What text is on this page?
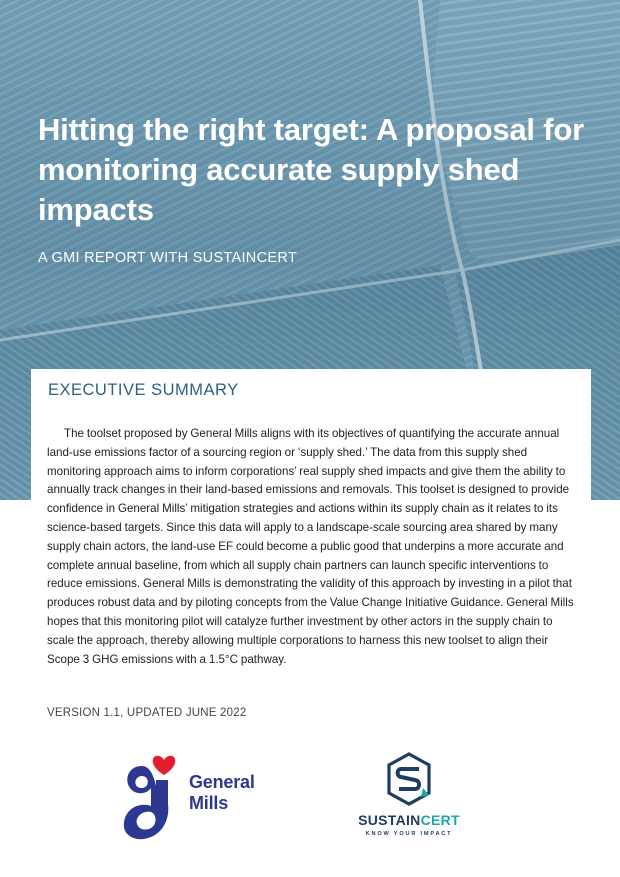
Hitting the right target: A proposal for monitoring accurate supply shed impacts

A GMI REPORT WITH SUSTAINCERT

EXECUTIVE SUMMARY

The toolset proposed by General Mills aligns with its objectives of quantifying the accurate annual land-use emissions factor of a sourcing region or ‘supply shed.’ The data from this supply shed monitoring approach aims to inform corporations’ real supply shed impacts and give them the ability to annually track changes in their land-based emissions and removals. This toolset is designed to provide confidence in General Mills’ mitigation strategies and actions within its supply chain as it relates to its science-based targets. Since this data will apply to a landscape-scale sourcing area shared by many supply chain actors, the land-use EF could become a public good that underpins a more accurate and complete annual baseline, from which all supply chain partners can launch specific interventions to reduce emissions. General Mills is demonstrating the validity of this approach by investing in a pilot that produces robust data and by piloting concepts from the Value Change Initiative Guidance. General Mills hopes that this monitoring pilot will catalyze further investment by other actors in the supply chain to scale the approach, thereby allowing multiple corporations to harness this new toolset to align their Scope 3 GHG emissions with a 1.5°C pathway.

VERSION 1.1, UPDATED JUNE 2022

General
Mills
SUSTAINCERT
KNOW YOUR IMPACT
